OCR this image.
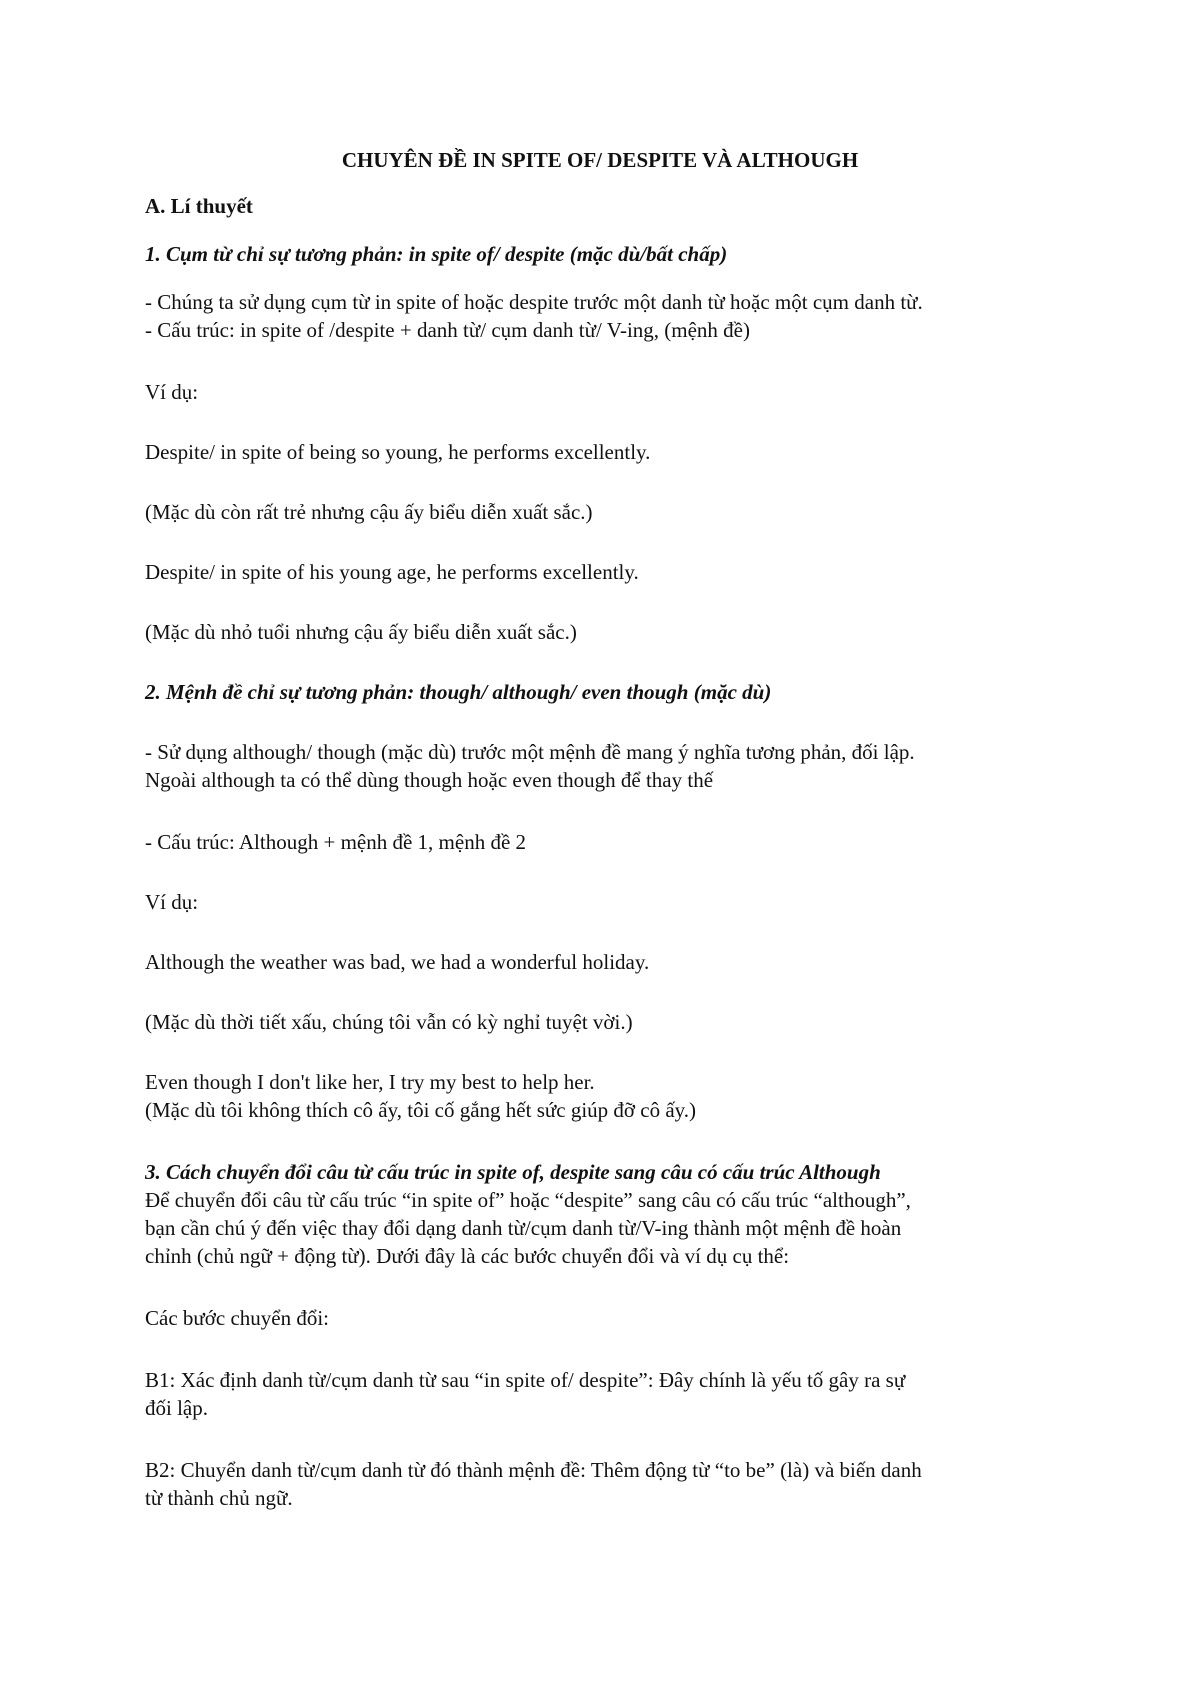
CHUYÊN ĐỀ IN SPITE OF/ DESPITE VÀ ALTHOUGH

A. Lí thuyết

1. Cụm từ chỉ sự tương phản: in spite of/ despite (mặc dù/bất chấp)

- Chúng ta sử dụng cụm từ in spite of hoặc despite trước một danh từ hoặc một cụm danh từ.

- Cấu trúc: in spite of /despite + danh từ/ cụm danh từ/ V-ing, (mệnh đề)

Ví dụ:

Despite/ in spite of being so young, he performs excellently.

(Mặc dù còn rất trẻ nhưng cậu ấy biểu diễn xuất sắc.)

Despite/ in spite of his young age, he performs excellently.

(Mặc dù nhỏ tuổi nhưng cậu ấy biểu diễn xuất sắc.)

2. Mệnh đề chỉ sự tương phản: though/ although/ even though (mặc dù)

- Sử dụng although/ though (mặc dù) trước một mệnh đề mang ý nghĩa tương phản, đối lập.

Ngoài although ta có thể dùng though hoặc even though để thay thế

- Cấu trúc: Although + mệnh đề 1, mệnh đề 2

Ví dụ:

Although the weather was bad, we had a wonderful holiday.

(Mặc dù thời tiết xấu, chúng tôi vẫn có kỳ nghỉ tuyệt vời.)

Even though I don't like her, I try my best to help her.

(Mặc dù tôi không thích cô ấy, tôi cố gắng hết sức giúp đỡ cô ấy.)

3. Cách chuyển đổi câu từ cấu trúc in spite of, despite sang câu có cấu trúc Although

Để chuyển đổi câu từ cấu trúc “in spite of” hoặc “despite” sang câu có cấu trúc “although”,

bạn cần chú ý đến việc thay đổi dạng danh từ/cụm danh từ/V-ing thành một mệnh đề hoàn

chỉnh (chủ ngữ + động từ). Dưới đây là các bước chuyển đổi và ví dụ cụ thể:

Các bước chuyển đổi:

B1: Xác định danh từ/cụm danh từ sau “in spite of/ despite”: Đây chính là yếu tố gây ra sự

đối lập.

B2: Chuyển danh từ/cụm danh từ đó thành mệnh đề: Thêm động từ “to be” (là) và biến danh

từ thành chủ ngữ.
